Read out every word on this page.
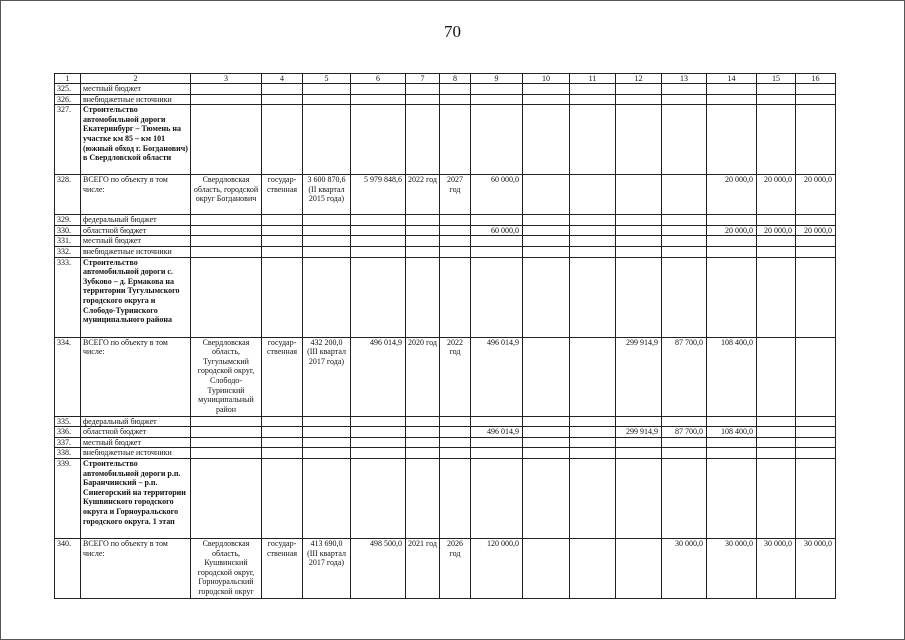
70
1	2	3	4	5	6	7	8	9	10	11	12	13	14	15	16
325.	местный бюджет														
326.	внебюджетные источники														
327.	Строительство автомобильной дороги Екатеринбург – Тюмень на участке км 85 – км 101 (южный обход г. Богданович) в Свердловской области														
328.	ВСЕГО по объекту в том числе:	Свердловская область, городской округ Богданович	государ-ственная	3 600 870,6 (II квартал 2015 года)	5 979 848,6	2022 год	2027 год	60 000,0					20 000,0	20 000,0	20 000,0
329.	федеральный бюджет														
330.	областной бюджет							60 000,0					20 000,0	20 000,0	20 000,0
331.	местный бюджет														
332.	внебюджетные источники														
333.	Строительство автомобильной дороги с. Зубково – д. Ермакова на территории Тугулымского городского округа и Слободо-Туринского муниципального района														
334.	ВСЕГО по объекту в том числе:	Свердловская область, Тугулымский городской округ, Слободо-Туринский муниципальный район	государ-ственная	432 200,0 (III квартал 2017 года)	496 014,9	2020 год	2022 год	496 014,9			299 914,9	87 700,0	108 400,0		
335.	федеральный бюджет														
336.	областной бюджет							496 014,9			299 914,9	87 700,0	108 400,0		
337.	местный бюджет														
338.	внебюджетные источники														
339.	Строительство автомобильной дороги р.п. Баранчинский – р.п. Синегорский на территории Кушвинского городского округа и Горноуральского городского округа. 1 этап														
340.	ВСЕГО по объекту в том числе:	Свердловская область, Кушвинский городской округ, Горноуральский городской округ	государ-ственная	413 690,0 (III квартал 2017 года)	498 500,0	2021 год	2026 год	120 000,0				30 000,0	30 000,0	30 000,0	30 000,0
